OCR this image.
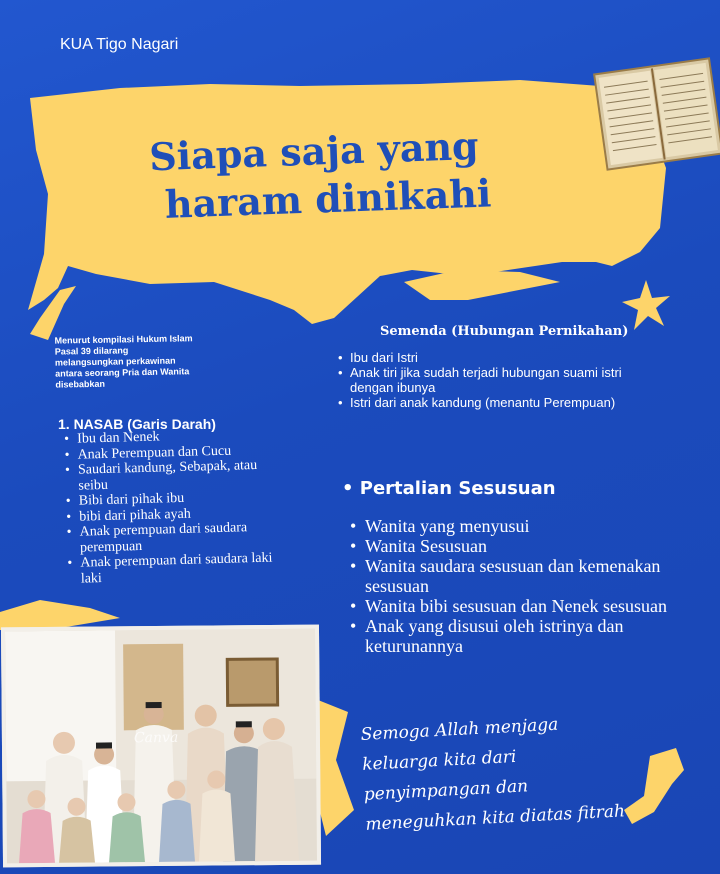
KUA Tigo Nagari
Siapa saja yang
haram dinikahi
Menurut kompilasi Hukum Islam
Pasal 39 dilarang
melangsungkan perkawinan
antara seorang Pria dan Wanita
disebabkan
Semenda (Hubungan Pernikahan)
• Ibu dari Istri
• Anak tiri jika sudah terjadi hubungan suami istri dengan ibunya
• Istri dari anak kandung (menantu Perempuan)
1. NASAB (Garis Darah)
• Ibu dan Nenek
• Anak Perempuan dan Cucu
• Saudari kandung, Sebapak, atau seibu
• Bibi dari pihak ibu
• bibi dari pihak ayah
• Anak perempuan dari saudara perempuan
• Anak perempuan dari saudara laki laki
• Pertalian Sesusuan
• Wanita yang menyusui
• Wanita Sesusuan
• Wanita saudara sesusuan dan kemenakan sesusuan
• Wanita bibi sesusuan dan Nenek sesusuan
• Anak yang disusui oleh istrinya dan keturunannya
Canva	Semoga Allah menjaga
keluarga kita dari
penyimpangan dan
meneguhkan kita diatas fitrah
